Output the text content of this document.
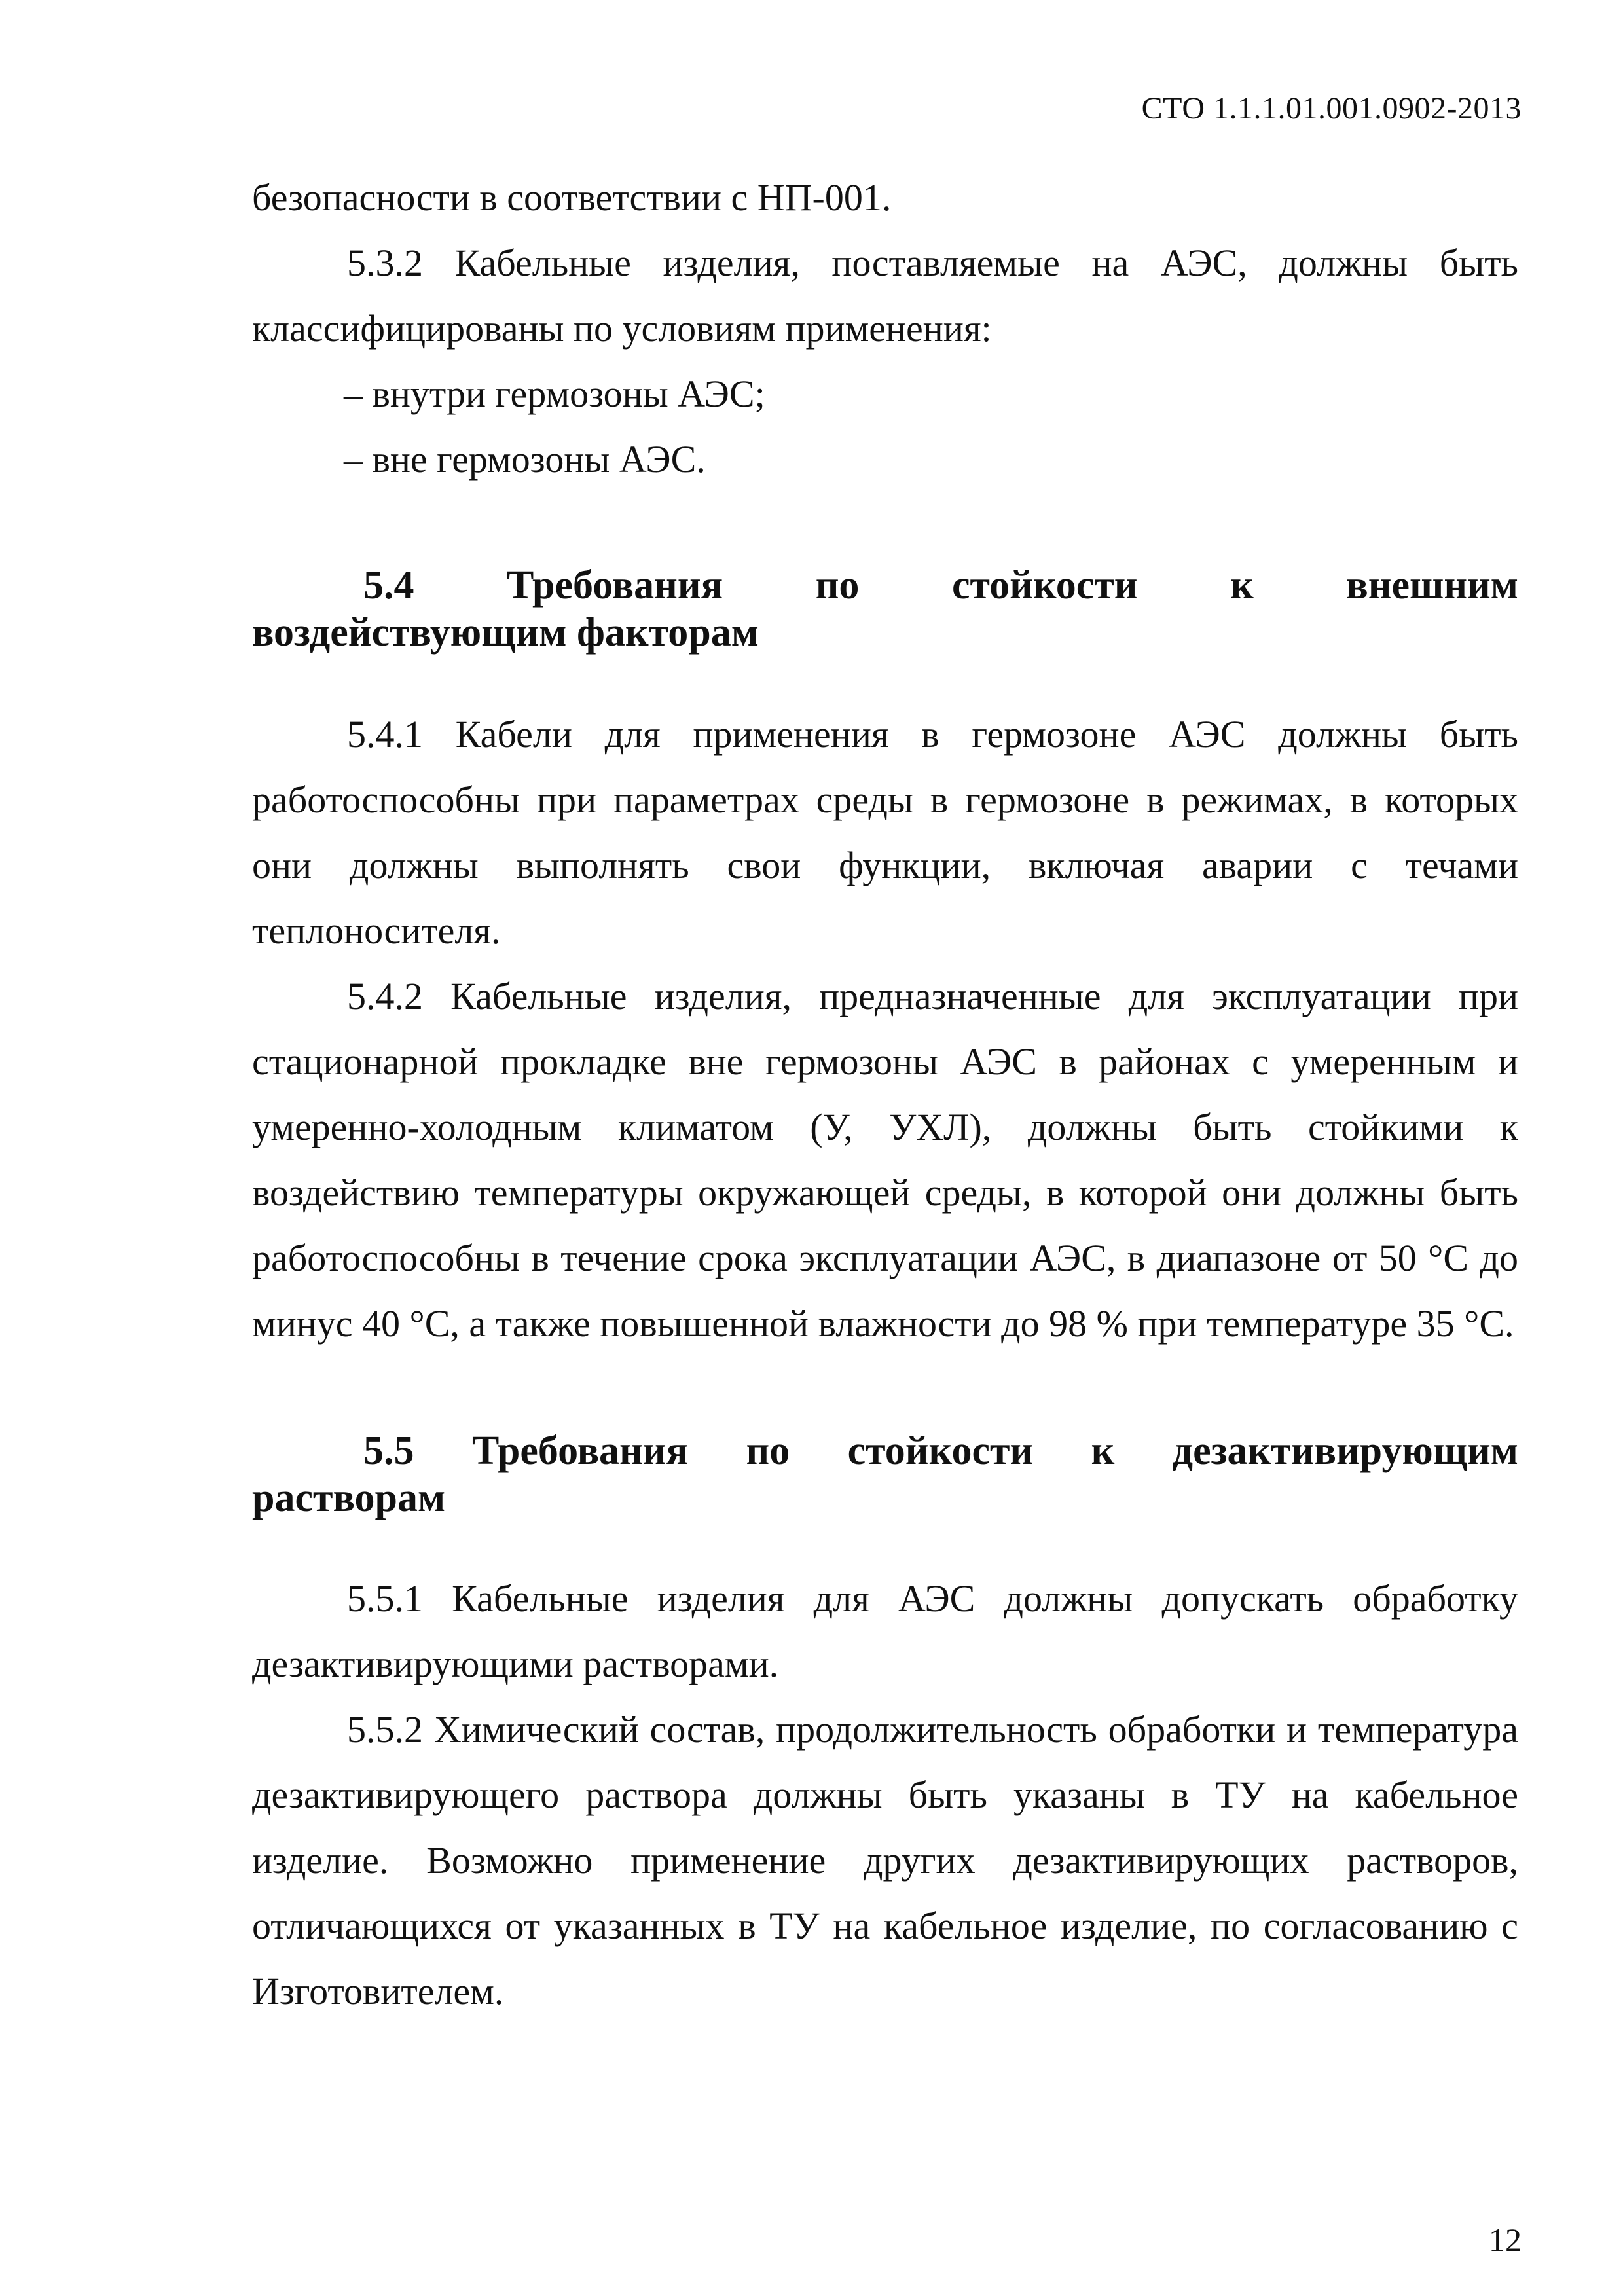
СТО 1.1.1.01.001.0902-2013

безопасности в соответствии с НП-001.

5.3.2 Кабельные изделия, поставляемые на АЭС, должны быть классифицированы по условиям применения:

– внутри гермозоны АЭС;

– вне гермозоны АЭС.

5.4 Требования по стойкости к внешним
воздействующим факторам

5.4.1 Кабели для применения в гермозоне АЭС должны быть работоспособны при параметрах среды в гермозоне в режимах, в которых они должны выполнять свои функции, включая аварии с течами теплоносителя.

5.4.2 Кабельные изделия, предназначенные для эксплуатации при стационарной прокладке вне гермозоны АЭС в районах с умеренным и умеренно-холодным климатом (У, УХЛ), должны быть стойкими к воздействию температуры окружающей среды, в которой они должны быть работоспособны в течение срока эксплуатации АЭС, в диапазоне от 50 °С до минус 40 °С, а также повышенной влажности до 98 % при температуре 35 °С.

5.5 Требования по стойкости к дезактивирующим
растворам

5.5.1 Кабельные изделия для АЭС должны допускать обработку дезактивирующими растворами.

5.5.2 Химический состав, продолжительность обработки и температура дезактивирующего раствора должны быть указаны в ТУ на кабельное изделие. Возможно применение других дезактивирующих растворов, отличающихся от указанных в ТУ на кабельное изделие, по согласованию с Изготовителем.

12
